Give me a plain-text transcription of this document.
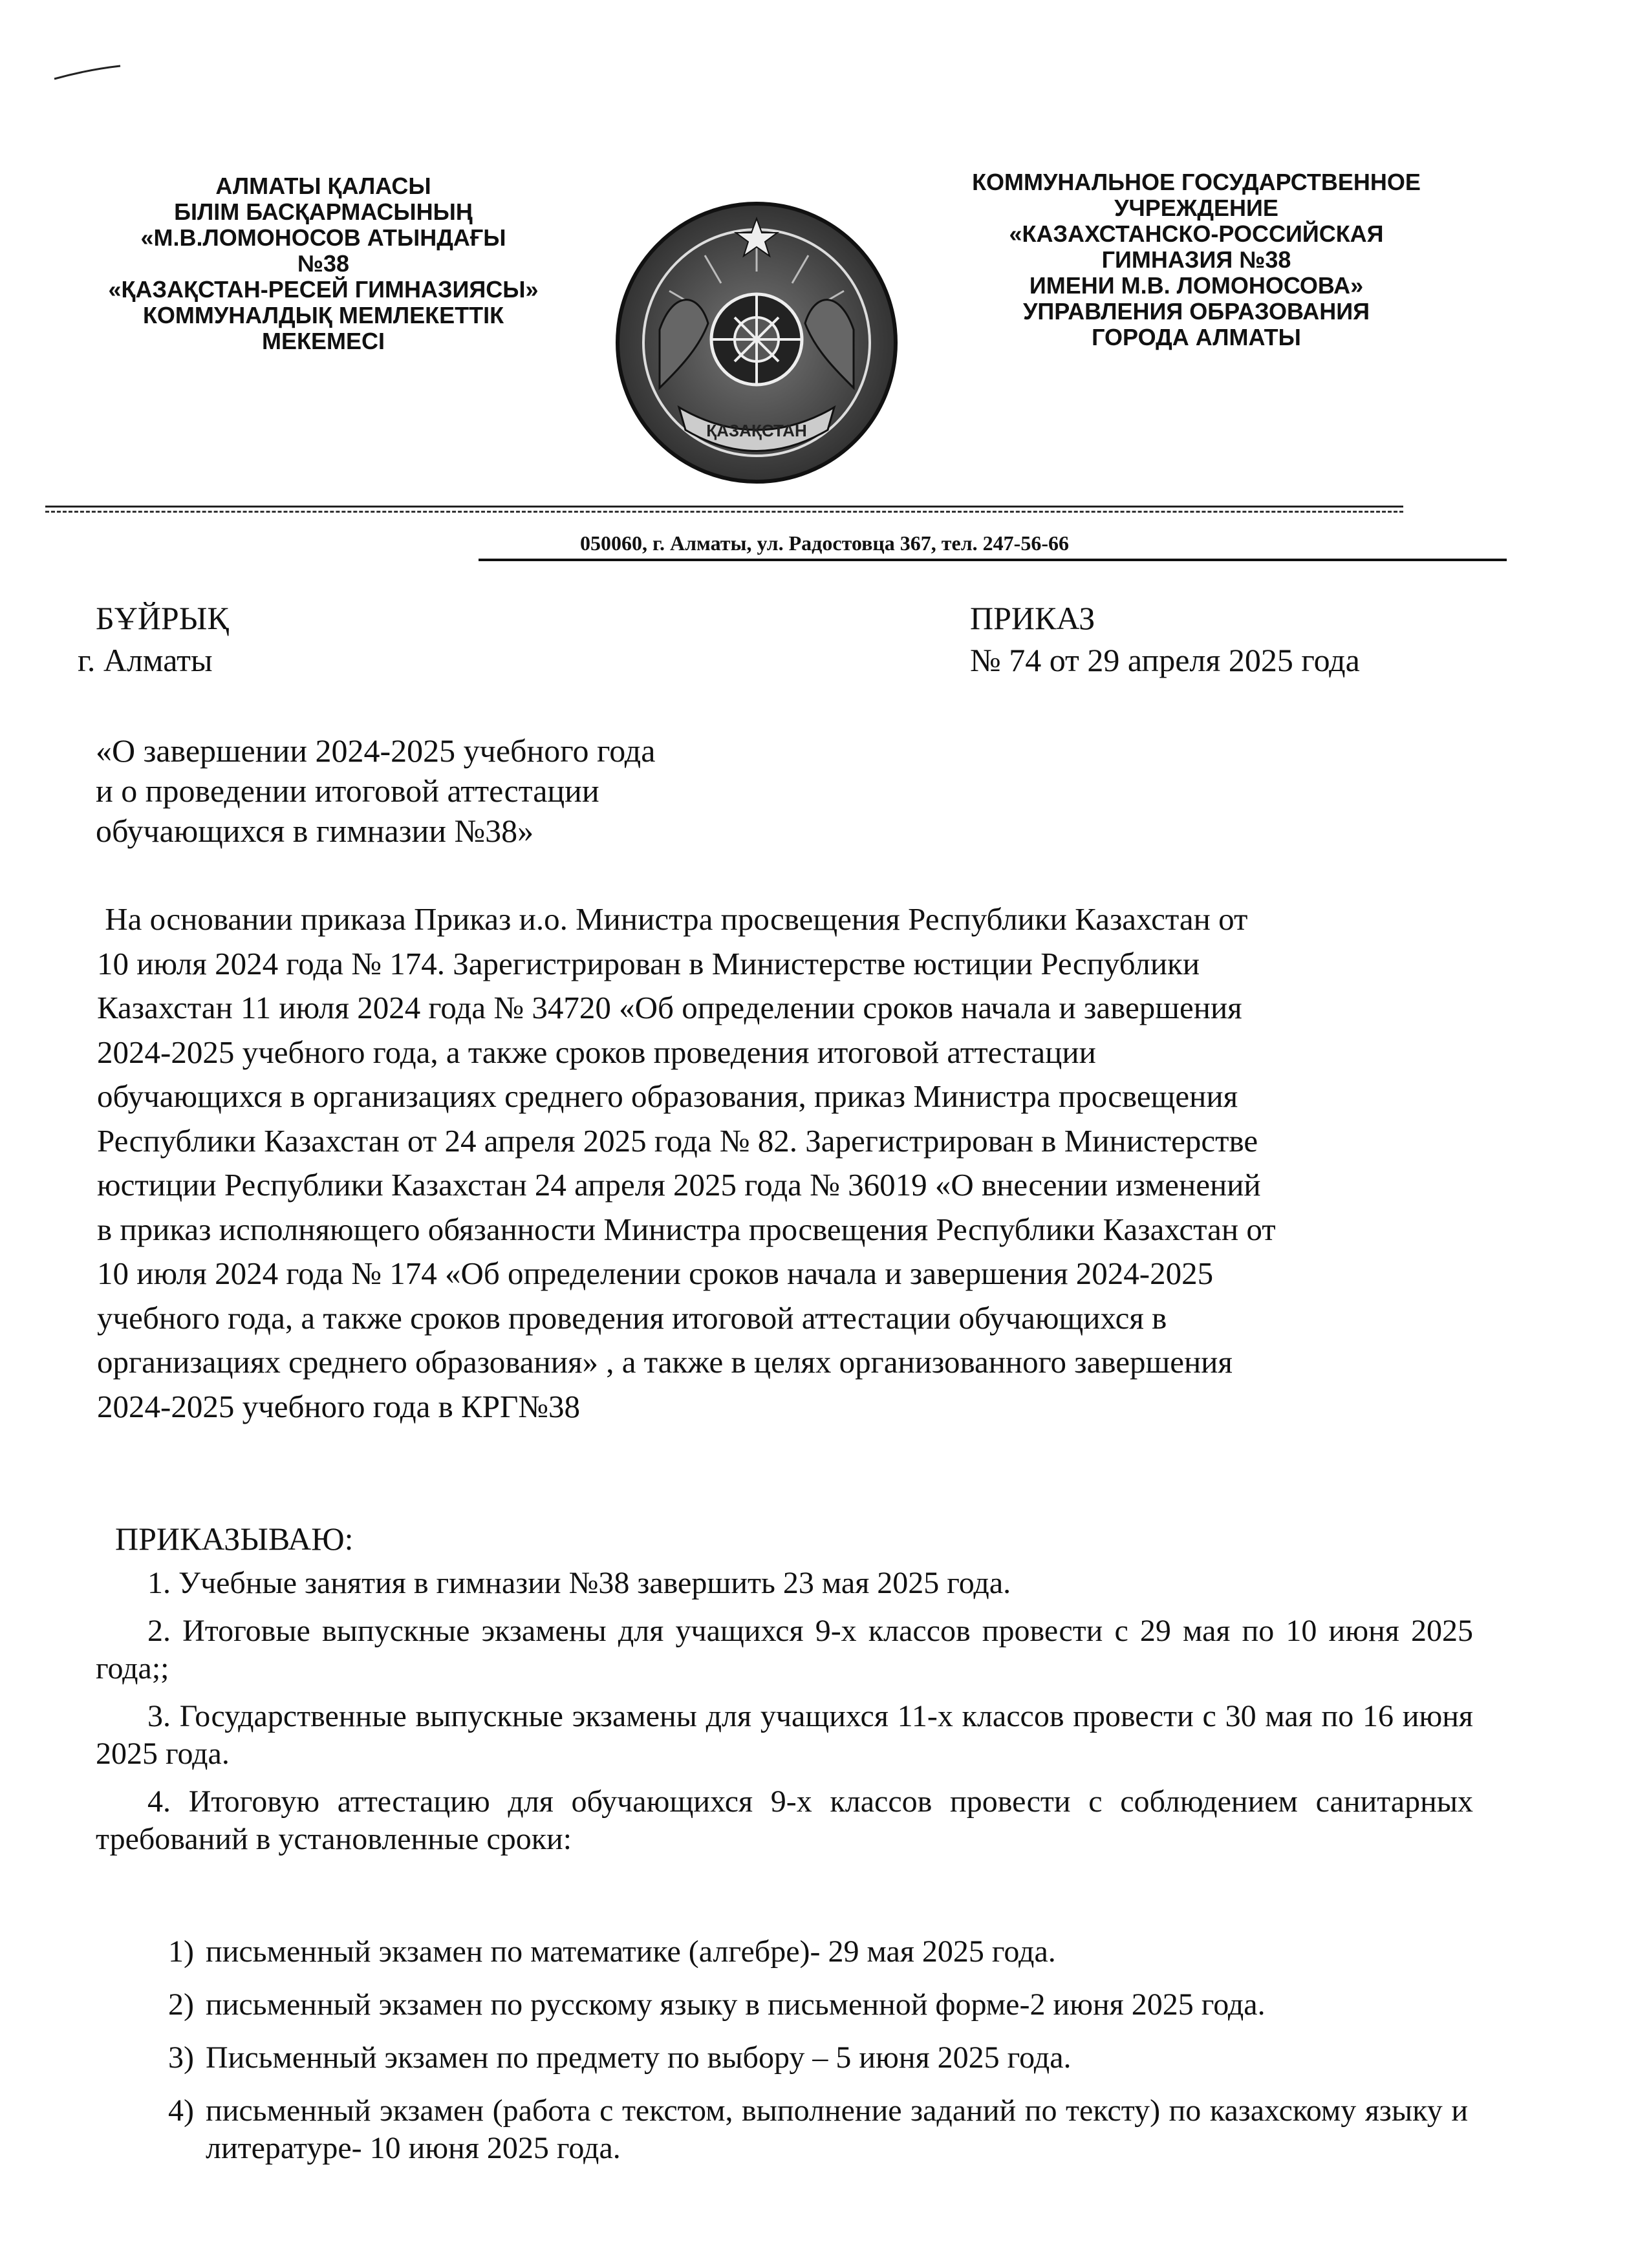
АЛМАТЫ ҚАЛАСЫ
БІЛІМ БАСҚАРМАСЫНЫҢ
«М.В.ЛОМОНОСОВ АТЫНДАҒЫ
№38
«ҚАЗАҚСТАН-РЕСЕЙ ГИМНАЗИЯСЫ»
КОММУНАЛДЫҚ МЕМЛЕКЕТТІК
МЕКЕМЕСІ
ҚАЗАҚСТАН
КОММУНАЛЬНОЕ ГОСУДАРСТВЕННОЕ
УЧРЕЖДЕНИЕ
«КАЗАХСТАНСКО-РОССИЙСКАЯ
ГИМНАЗИЯ №38
ИМЕНИ М.В. ЛОМОНОСОВА»
УПРАВЛЕНИЯ ОБРАЗОВАНИЯ
ГОРОДА АЛМАТЫ
050060, г. Алматы, ул. Радостовца 367, тел. 247-56-66
БҰЙРЫҚ
г. Алматы
ПРИКАЗ
№ 74 от 29 апреля 2025 года
«О завершении 2024-2025 учебного года
и о проведении итоговой аттестации
обучающихся в гимназии №38»
На основании приказа Приказ и.о. Министра просвещения Республики Казахстан от
10 июля 2024 года № 174. Зарегистрирован в Министерстве юстиции Республики
Казахстан 11 июля 2024 года № 34720 «Об определении сроков начала и завершения
2024-2025 учебного года, а также сроков проведения итоговой аттестации
обучающихся в организациях среднего образования, приказ Министра просвещения
Республики Казахстан от 24 апреля 2025 года № 82. Зарегистрирован в Министерстве
юстиции Республики Казахстан 24 апреля 2025 года № 36019 «О внесении изменений
в приказ исполняющего обязанности Министра просвещения Республики Казахстан от
10 июля 2024 года № 174 «Об определении сроков начала и завершения 2024-2025
учебного года, а также сроков проведения итоговой аттестации обучающихся в
организациях среднего образования» , а также в целях организованного завершения
2024-2025 учебного года в КРГ№38
ПРИКАЗЫВАЮ:
1. Учебные занятия в гимназии №38 завершить 23 мая 2025 года.
2. Итоговые выпускные экзамены для учащихся 9-х классов провести с 29 мая по 10 июня 2025 года;;
3. Государственные выпускные экзамены для учащихся 11-х классов провести с 30 мая по 16 июня 2025 года.
4. Итоговую аттестацию для обучающихся 9-х классов провести с соблюдением санитарных требований в установленные сроки:
1) письменный экзамен по математике (алгебре)- 29 мая 2025 года.
2) письменный экзамен по русскому языку в письменной форме-2 июня 2025 года.
3) Письменный экзамен по предмету по выбору – 5 июня 2025 года.
4) письменный экзамен (работа с текстом, выполнение заданий по тексту) по казахскому языку и литературе- 10 июня 2025 года.
